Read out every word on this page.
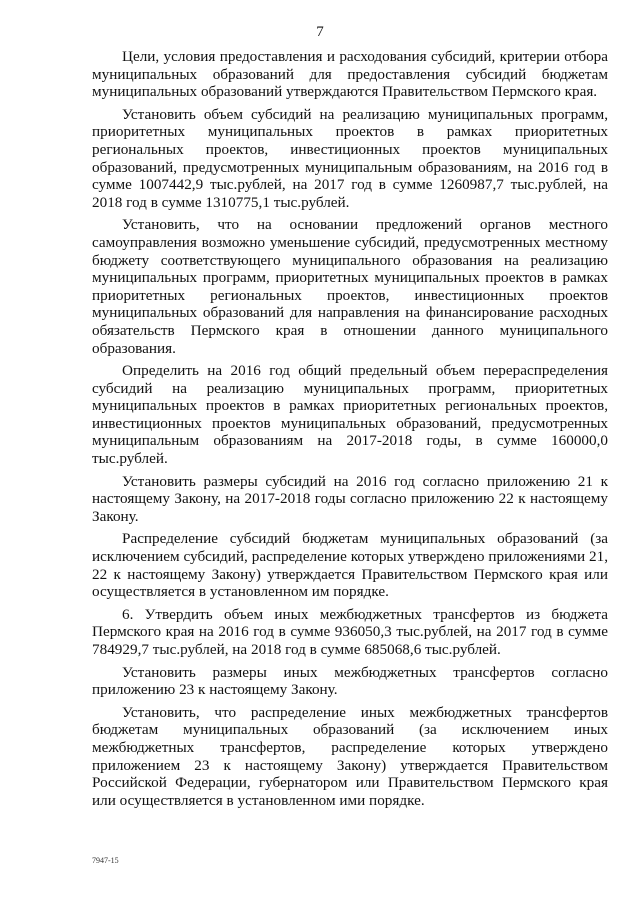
7

Цели, условия предоставления и расходования субсидий, критерии отбора муниципальных образований для предоставления субсидий бюджетам муниципальных образований утверждаются Правительством Пермского края.

Установить объем субсидий на реализацию муниципальных программ, приоритетных муниципальных проектов в рамках приоритетных региональных проектов, инвестиционных проектов муниципальных образований, предусмотренных муниципальным образованиям, на 2016 год в сумме 1007442,9 тыс.рублей, на 2017 год в сумме 1260987,7 тыс.рублей, на 2018 год в сумме 1310775,1 тыс.рублей.

Установить, что на основании предложений органов местного самоуправления возможно уменьшение субсидий, предусмотренных местному бюджету соответствующего муниципального образования на реализацию муниципальных программ, приоритетных муниципальных проектов в рамках приоритетных региональных проектов, инвестиционных проектов муниципальных образований для направления на финансирование расходных обязательств Пермского края в отношении данного муниципального образования.

Определить на 2016 год общий предельный объем перераспределения субсидий на реализацию муниципальных программ, приоритетных муниципальных проектов в рамках приоритетных региональных проектов, инвестиционных проектов муниципальных образований, предусмотренных муниципальным образованиям на 2017-2018 годы, в сумме 160000,0 тыс.рублей.

Установить размеры субсидий на 2016 год согласно приложению 21 к настоящему Закону, на 2017-2018 годы согласно приложению 22 к настоящему Закону.

Распределение субсидий бюджетам муниципальных образований (за исключением субсидий, распределение которых утверждено приложениями 21, 22 к настоящему Закону) утверждается Правительством Пермского края или осуществляется в установленном им порядке.

6. Утвердить объем иных межбюджетных трансфертов из бюджета Пермского края на 2016 год в сумме 936050,3 тыс.рублей, на 2017 год в сумме 784929,7 тыс.рублей, на 2018 год в сумме 685068,6 тыс.рублей.

Установить размеры иных межбюджетных трансфертов согласно приложению 23 к настоящему Закону.

Установить, что распределение иных межбюджетных трансфертов бюджетам муниципальных образований (за исключением иных межбюджетных трансфертов, распределение которых утверждено приложением 23 к настоящему Закону) утверждается Правительством Российской Федерации, губернатором или Правительством Пермского края или осуществляется в установленном ими порядке.

7947-15
